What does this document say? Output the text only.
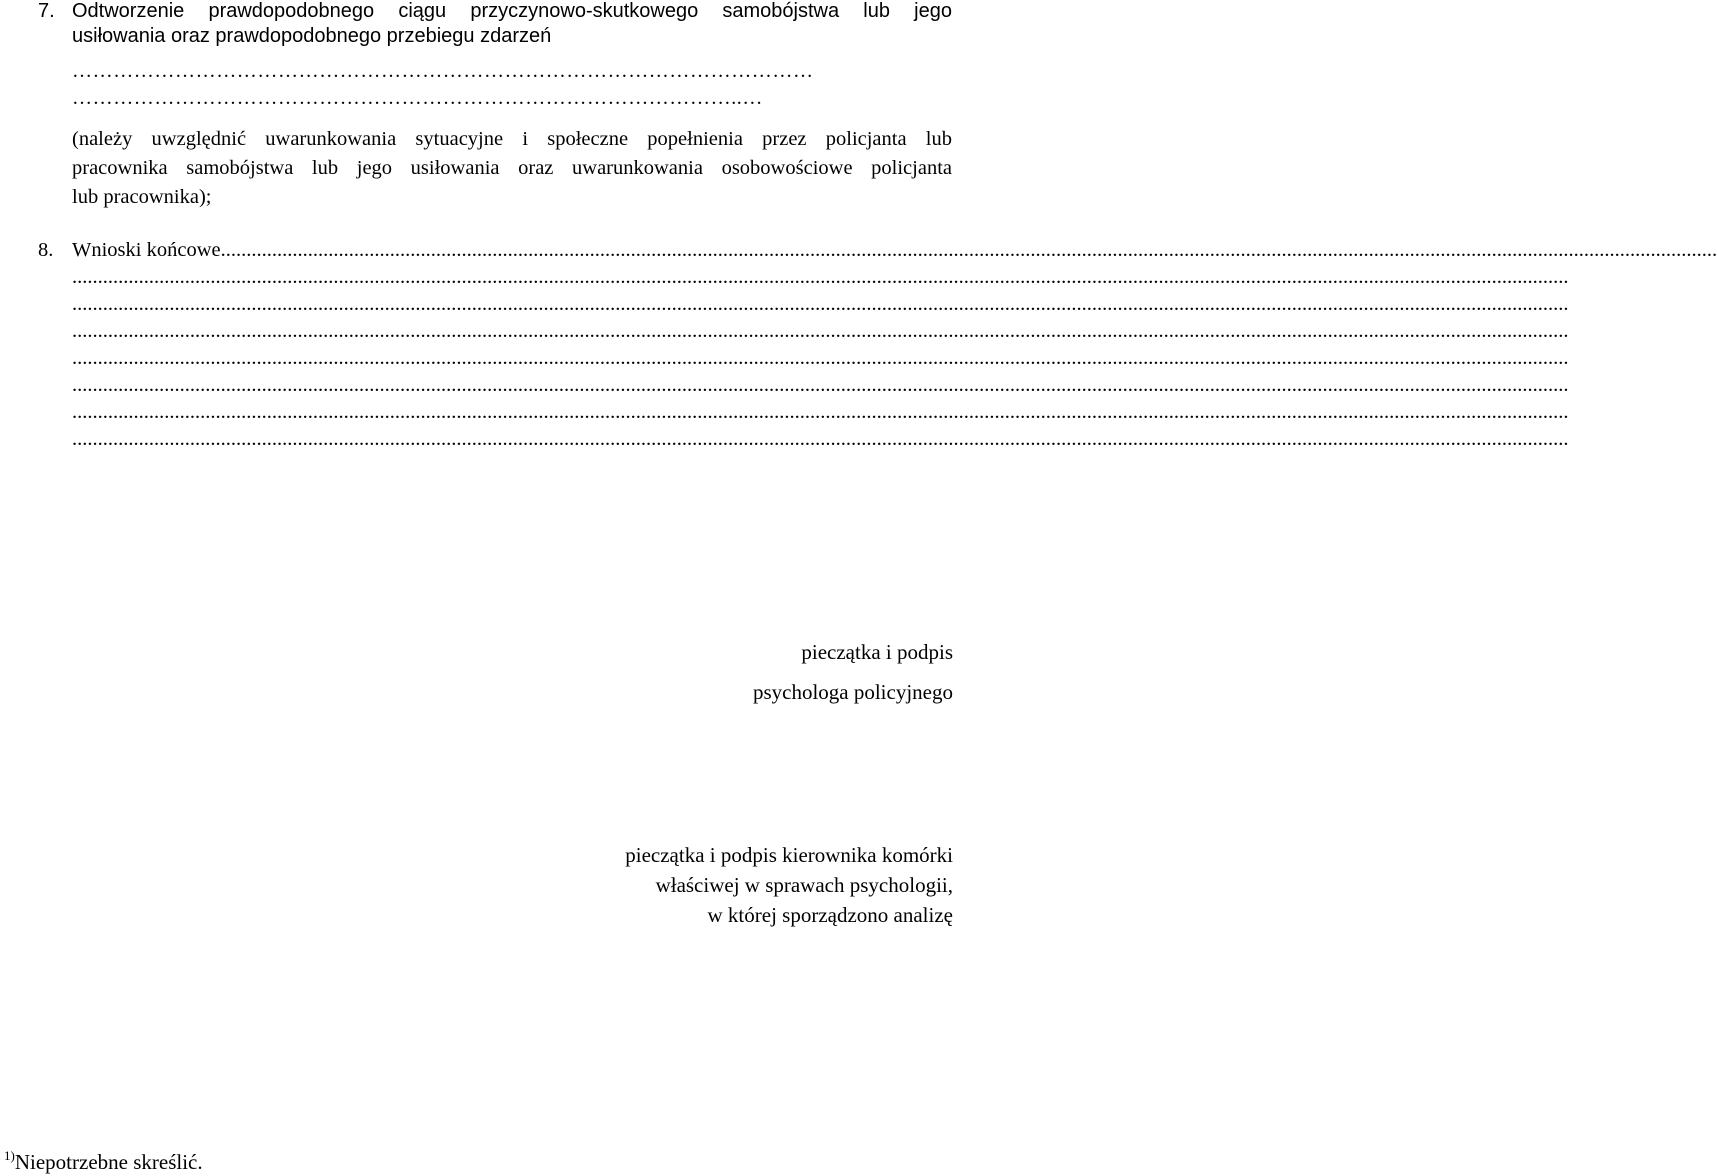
7. Odtworzenie prawdopodobnego ciągu przyczynowo-skutkowego samobójstwa lub jego
usiłowania oraz prawdopodobnego przebiegu zdarzeń
………………………………………………………………………………………………
……………………………………………………………………………………..…
(należy uwzględnić uwarunkowania sytuacyjne i społeczne popełnienia przez policjanta lub
pracownika samobójstwa lub jego usiłowania oraz uwarunkowania osobowościowe policjanta
lub pracownika);
8. Wnioski końcowe....................................................................................................................................................................................................................................................................................................
....................................................................................................................................................................................................................................................................................................
....................................................................................................................................................................................................................................................................................................
....................................................................................................................................................................................................................................................................................................
....................................................................................................................................................................................................................................................................................................
....................................................................................................................................................................................................................................................................................................
....................................................................................................................................................................................................................................................................................................
....................................................................................................................................................................................................................................................................................................
pieczątka i podpis
psychologa policyjnego
pieczątka i podpis kierownika komórki
właściwej w sprawach psychologii,
w której sporządzono analizę
$^{1)}$Niepotrzebne skreślić.
